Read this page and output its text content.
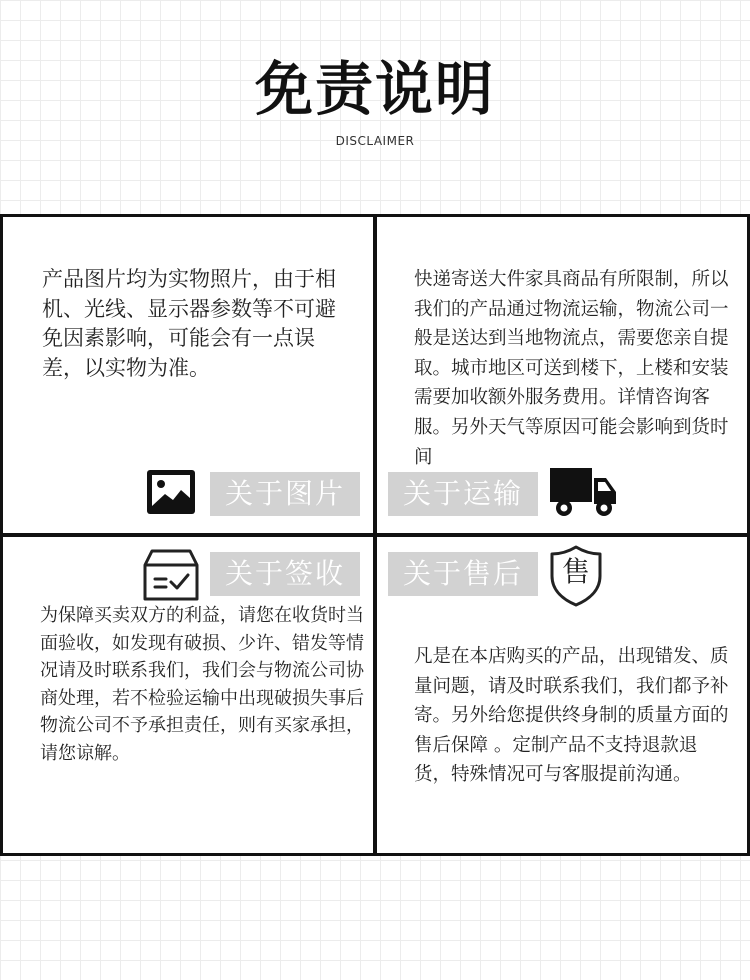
免责说明
DISCLAIMER
产品图片均为实物照片，由于相机、光线、显示器参数等不可避免因素影响，可能会有一点误差，以实物为准。
快递寄送大件家具商品有所限制，所以我们的产品通过物流运输，物流公司一般是送达到当地物流点，需要您亲自提取。城市地区可送到楼下，上楼和安装需要加收额外服务费用。详情咨询客服。另外天气等原因可能会影响到货时间
为保障买卖双方的利益，请您在收货时当面验收，如发现有破损、少许、错发等情况请及时联系我们，我们会与物流公司协商处理，若不检验运输中出现破损失事后物流公司不予承担责任，则有买家承担，请您谅解。
凡是在本店购买的产品，出现错发、质量问题，请及时联系我们，我们都予补寄。另外给您提供终身制的质量方面的售后保障 。定制产品不支持退款退货，特殊情况可与客服提前沟通。
关于图片	关于运输
关于签收	关于售后	售
